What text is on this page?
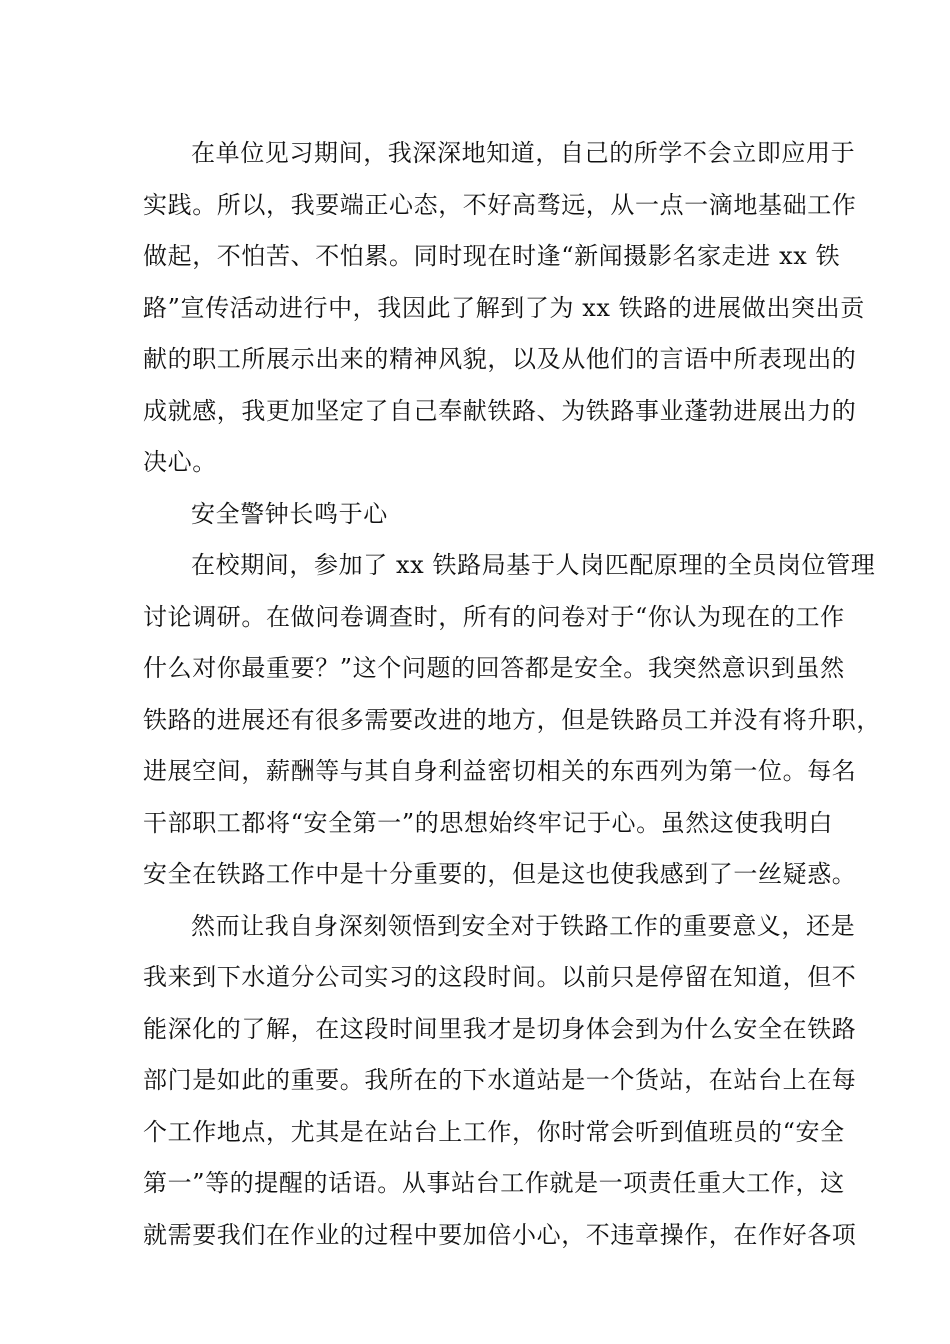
在单位见习期间，我深深地知道，自己的所学不会立即应用于
实践。所以，我要端正心态，不好高骛远，从一点一滴地基础工作
做起，不怕苦、不怕累。同时现在时逢“新闻摄影名家走进 xx 铁
路”宣传活动进行中，我因此了解到了为 xx 铁路的进展做出突出贡
献的职工所展示出来的精神风貌，以及从他们的言语中所表现出的
成就感，我更加坚定了自己奉献铁路、为铁路事业蓬勃进展出力的
决心。
安全警钟长鸣于心
在校期间，参加了 xx 铁路局基于人岗匹配原理的全员岗位管理
讨论调研。在做问卷调查时，所有的问卷对于“你认为现在的工作
什么对你最重要？”这个问题的回答都是安全。我突然意识到虽然
铁路的进展还有很多需要改进的地方，但是铁路员工并没有将升职，
进展空间，薪酬等与其自身利益密切相关的东西列为第一位。每名
干部职工都将“安全第一”的思想始终牢记于心。虽然这使我明白
安全在铁路工作中是十分重要的，但是这也使我感到了一丝疑惑。
然而让我自身深刻领悟到安全对于铁路工作的重要意义，还是
我来到下水道分公司实习的这段时间。以前只是停留在知道，但不
能深化的了解，在这段时间里我才是切身体会到为什么安全在铁路
部门是如此的重要。我所在的下水道站是一个货站，在站台上在每
个工作地点，尤其是在站台上工作，你时常会听到值班员的“安全
第一”等的提醒的话语。从事站台工作就是一项责任重大工作，这
就需要我们在作业的过程中要加倍小心，不违章操作，在作好各项
